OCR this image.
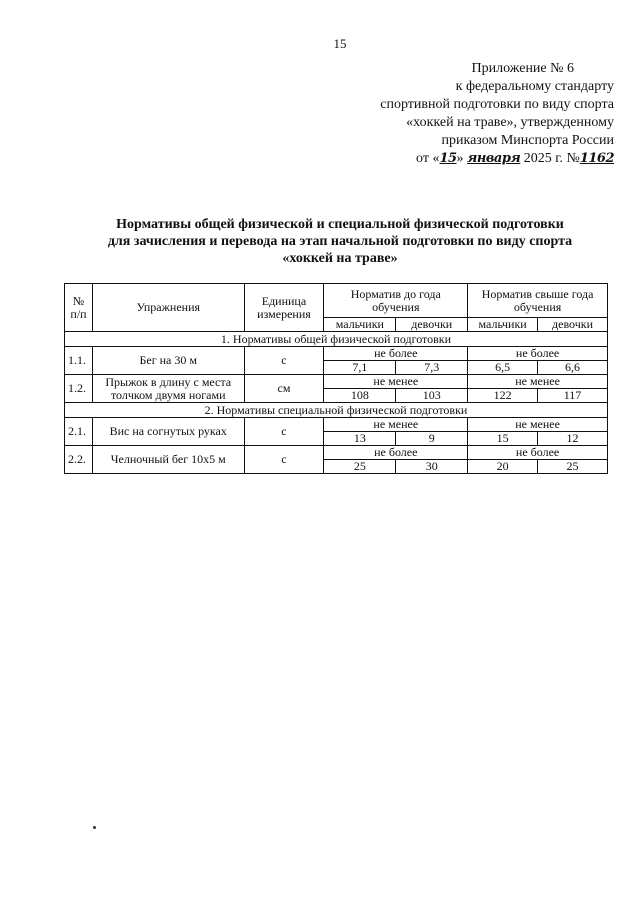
15
Приложение № 6
к федеральному стандарту
спортивной подготовки по виду спорта
«хоккей на траве», утвержденному
приказом Минспорта России
от «15» января 2025 г. №1162
Нормативы общей физической и специальной физической подготовки
для зачисления и перевода на этап начальной подготовки по виду спорта
«хоккей на траве»
№ п/п	Упражнения	Единица измерения	Норматив до года обучения		Норматив свыше года обучения	
			мальчики	девочки	мальчики	девочки
1. Нормативы общей физической подготовки						
1.1.	Бег на 30 м	с	не более		не более	
			7,1	7,3	6,5	6,6
1.2.	Прыжок в длину с места толчком двумя ногами	см	не менее		не менее	
			108	103	122	117
2. Нормативы специальной физической подготовки						
2.1.	Вис на согнутых руках	с	не менее		не менее	
			13	9	15	12
2.2.	Челночный бег 10х5 м	с	не более		не более	
			25	30	20	25
